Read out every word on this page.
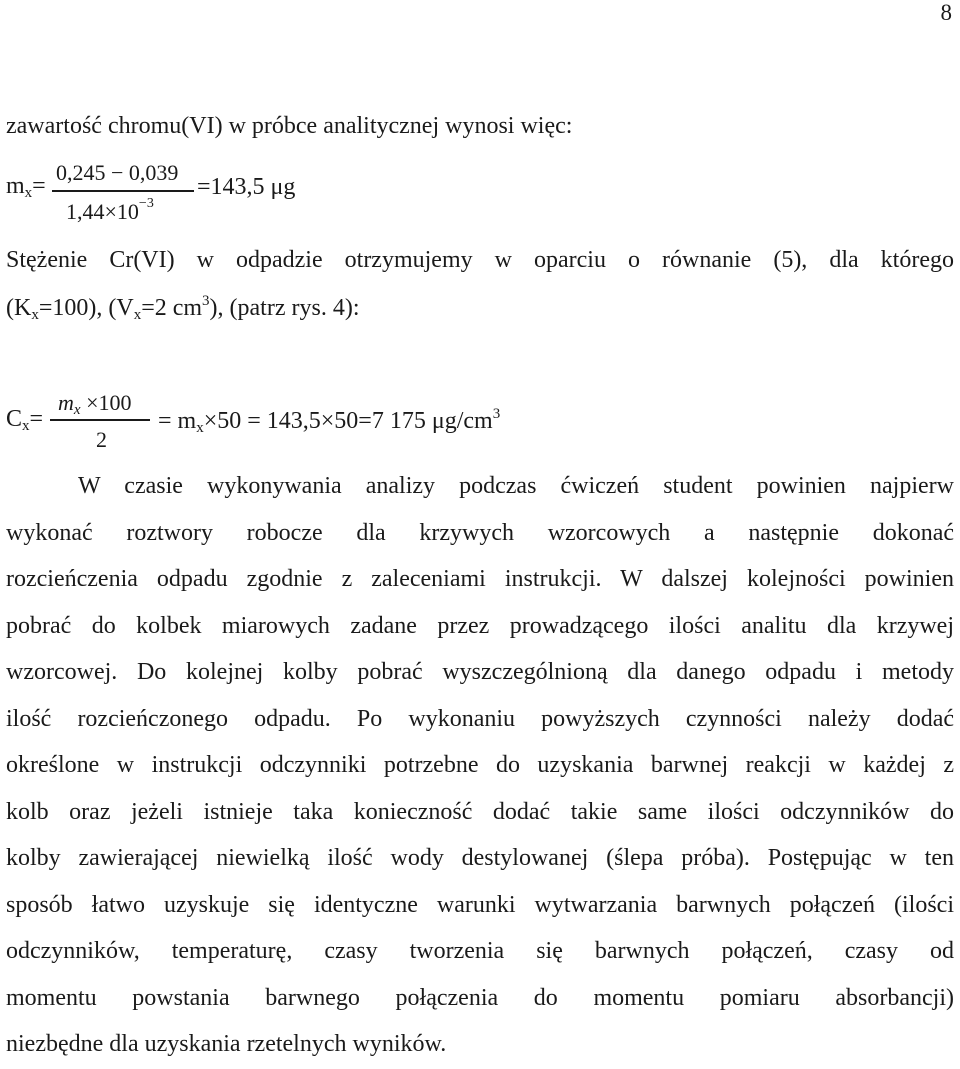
8
zawartość chromu(VI) w próbce analitycznej wynosi więc:
$m_x=$
0,245 − 0,039
$1,44\times 10^{-3}$
=143,5 μg
Stężenie Cr(VI) w odpadzie otrzymujemy w oparciu o równanie (5), dla którego
$(K_x=100)$, ($V_x=2$ $cm^3$), (patrz rys. 4):
$C_x=$
$m_x \times 100$
2
= $m_x\times 50 = 143,5\times 50=7$ 175 $\mu g/cm^3$
W czasie wykonywania analizy podczas ćwiczeń student powinien najpierw
wykonać roztwory robocze dla krzywych wzorcowych a następnie dokonać
rozcieńczenia odpadu zgodnie z zaleceniami instrukcji. W dalszej kolejności powinien
pobrać do kolbek miarowych zadane przez prowadzącego ilości analitu dla krzywej
wzorcowej. Do kolejnej kolby pobrać wyszczególnioną dla danego odpadu i metody
ilość rozcieńczonego odpadu. Po wykonaniu powyższych czynności należy dodać
określone w instrukcji odczynniki potrzebne do uzyskania barwnej reakcji w każdej z
kolb oraz jeżeli istnieje taka konieczność dodać takie same ilości odczynników do
kolby zawierającej niewielką ilość wody destylowanej (ślepa próba). Postępując w ten
sposób łatwo uzyskuje się identyczne warunki wytwarzania barwnych połączeń (ilości
odczynników, temperaturę, czasy tworzenia się barwnych połączeń, czasy od
momentu powstania barwnego połączenia do momentu pomiaru absorbancji)
niezbędne dla uzyskania rzetelnych wyników.
